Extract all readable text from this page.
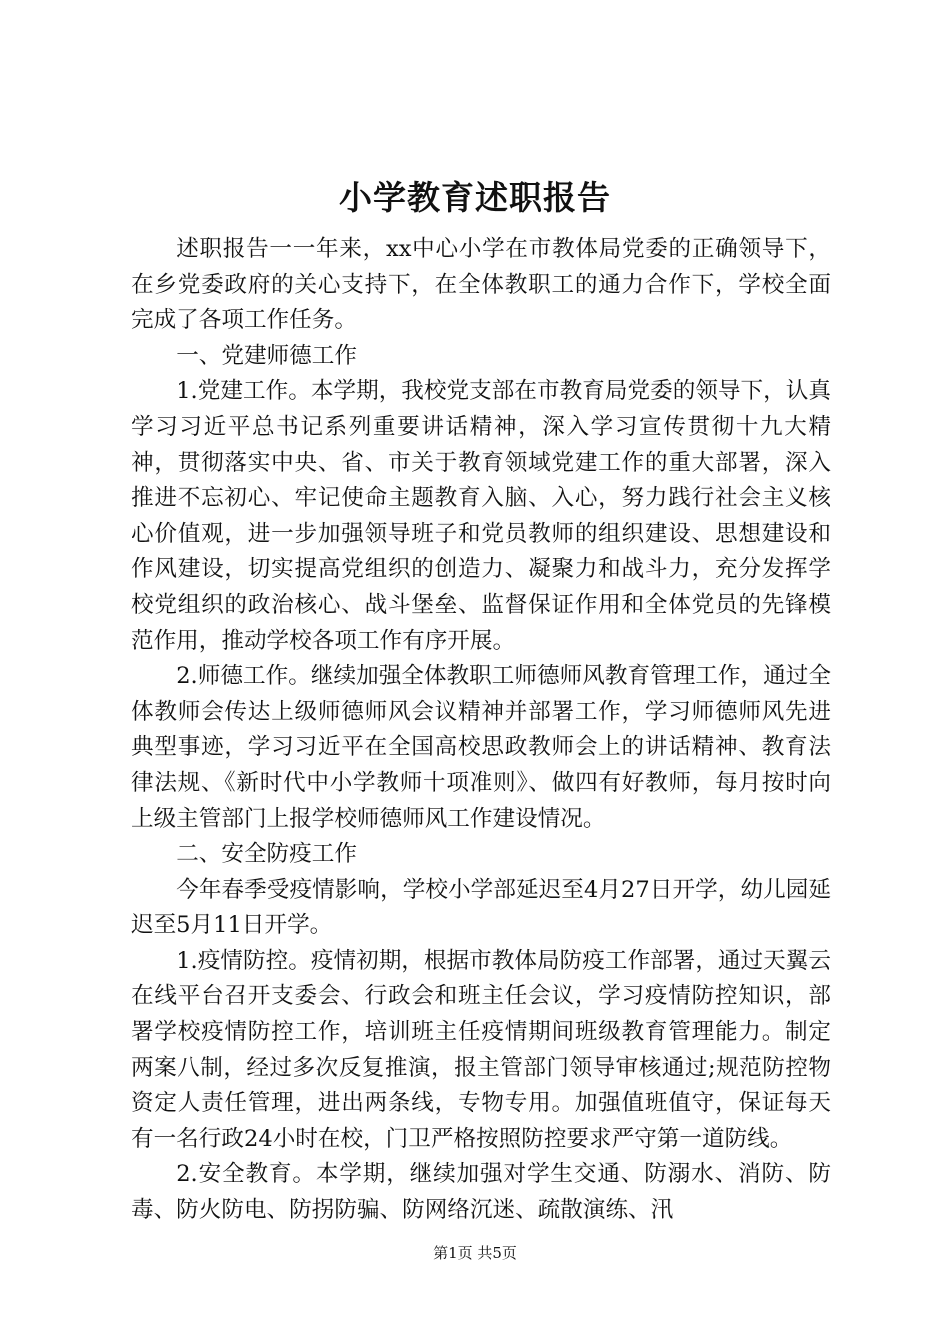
小学教育述职报告

述职报告一一年来，xx中心小学在市教体局党委的正确领导下，在乡党委政府的关心支持下，在全体教职工的通力合作下，学校全面完成了各项工作任务。

一、党建师德工作

1.党建工作。本学期，我校党支部在市教育局党委的领导下，认真学习习近平总书记系列重要讲话精神，深入学习宣传贯彻十九大精神，贯彻落实中央、省、市关于教育领域党建工作的重大部署，深入推进不忘初心、牢记使命主题教育入脑、入心，努力践行社会主义核心价值观，进一步加强领导班子和党员教师的组织建设、思想建设和作风建设，切实提高党组织的创造力、凝聚力和战斗力，充分发挥学校党组织的政治核心、战斗堡垒、监督保证作用和全体党员的先锋模范作用，推动学校各项工作有序开展。

2.师德工作。继续加强全体教职工师德师风教育管理工作，通过全体教师会传达上级师德师风会议精神并部署工作，学习师德师风先进典型事迹，学习习近平在全国高校思政教师会上的讲话精神、教育法律法规、《新时代中小学教师十项准则》、做四有好教师，每月按时向上级主管部门上报学校师德师风工作建设情况。

二、安全防疫工作

今年春季受疫情影响，学校小学部延迟至4月27日开学，幼儿园延迟至5月11日开学。

1.疫情防控。疫情初期，根据市教体局防疫工作部署，通过天翼云在线平台召开支委会、行政会和班主任会议，学习疫情防控知识，部署学校疫情防控工作，培训班主任疫情期间班级教育管理能力。制定两案八制，经过多次反复推演，报主管部门领导审核通过;规范防控物资定人责任管理，进出两条线，专物专用。加强值班值守，保证每天有一名行政24小时在校，门卫严格按照防控要求严守第一道防线。

2.安全教育。本学期，继续加强对学生交通、防溺水、消防、防毒、防火防电、防拐防骗、防网络沉迷、疏散演练、汛

第1页 共5页
